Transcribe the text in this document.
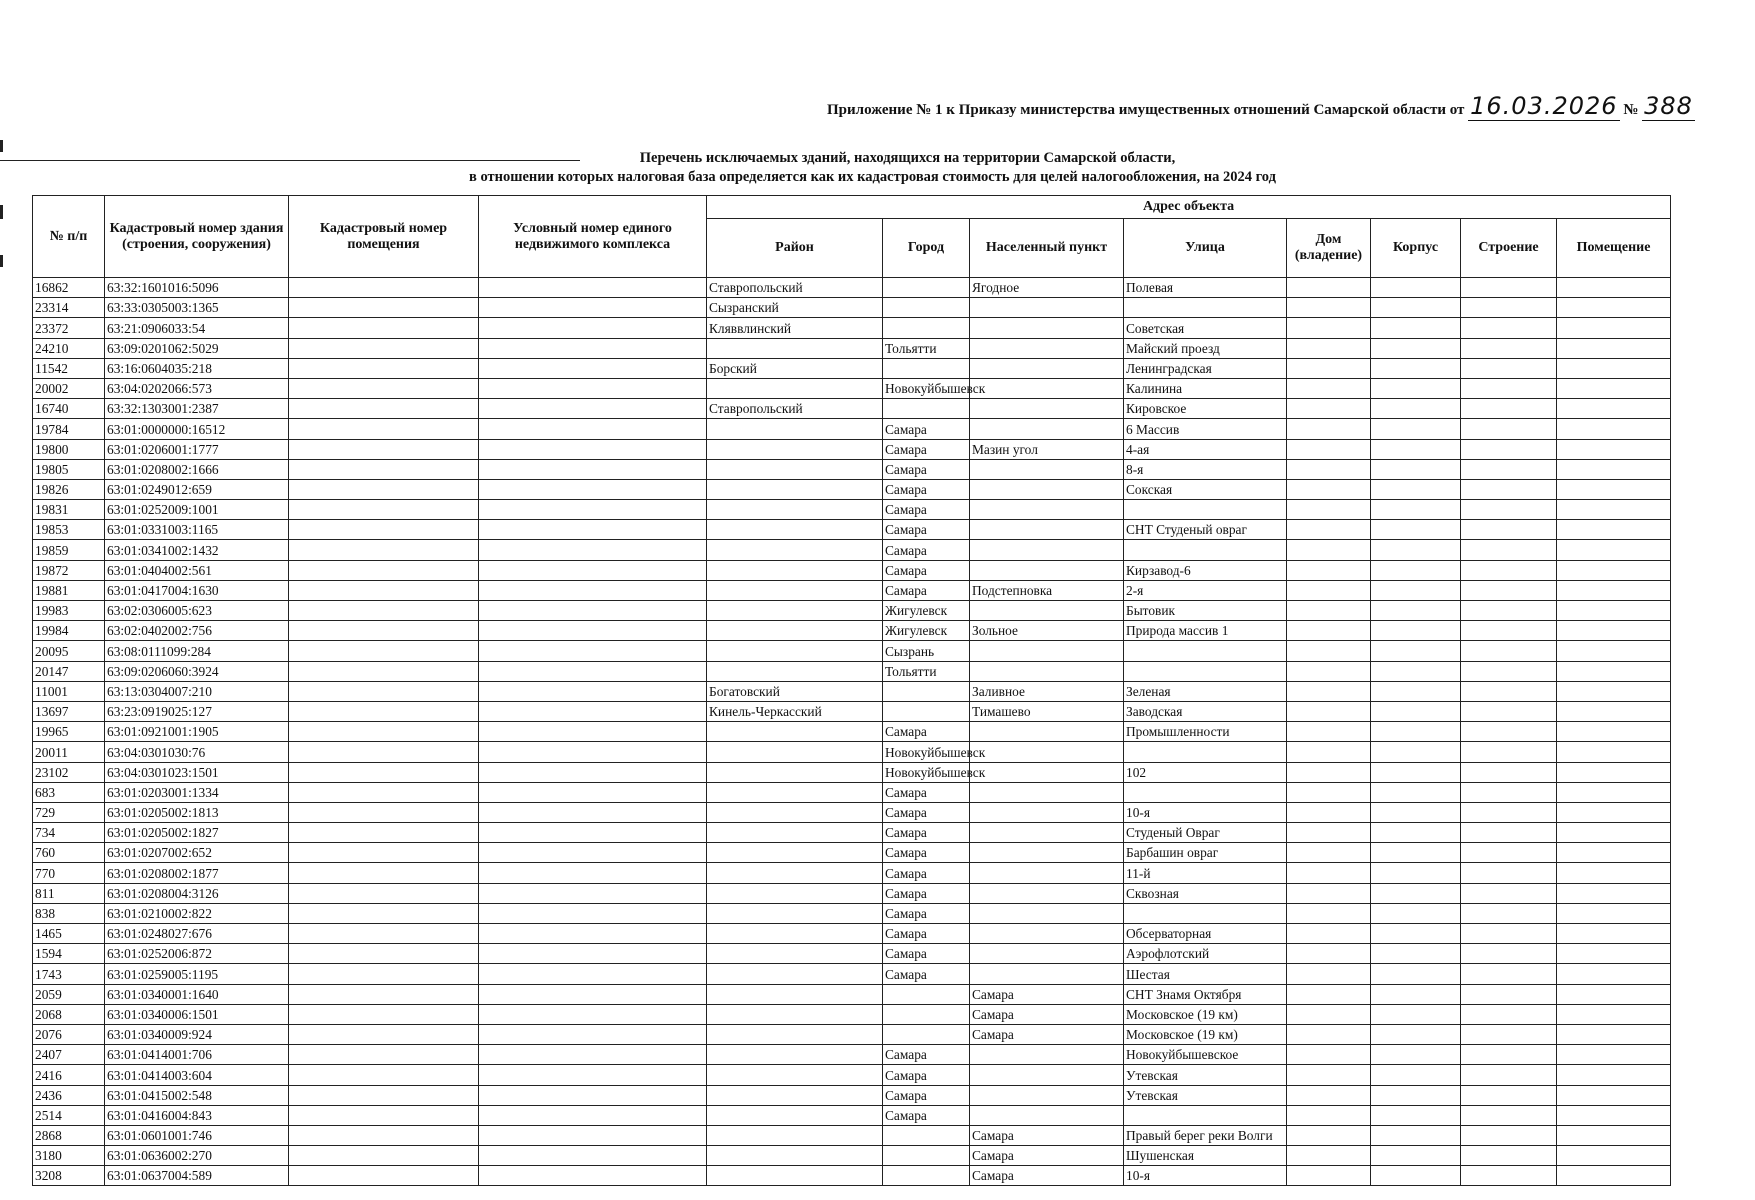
Приложение № 1 к Приказу министерства имущественных отношений Самарской области от 16.03.2026 № 388
Перечень исключаемых зданий, находящихся на территории Самарской области,
в отношении которых налоговая база определяется как их кадастровая стоимость для целей налогообложения, на 2024 год
№ п/п	Кадастровый номер здания (строения, сооружения)	Кадастровый номер помещения	Условный номер единого недвижимого комплекса	Адрес объекта							
				Район	Город	Населенный пункт	Улица	Дом (владение)	Корпус	Строение	Помещение
16862	63:32:1601016:5096			Ставропольский		Ягодное	Полевая				
23314	63:33:0305003:1365			Сызранский							
23372	63:21:0906033:54			Кляввлинский			Советская				
24210	63:09:0201062:5029				Тольятти		Майский проезд				
11542	63:16:0604035:218			Борский			Ленинградская				
20002	63:04:0202066:573				Новокуйбышевск		Калинина				
16740	63:32:1303001:2387			Ставропольский			Кировское				
19784	63:01:0000000:16512				Самара		6 Массив				
19800	63:01:0206001:1777				Самара	Мазин угол	4-ая				
19805	63:01:0208002:1666				Самара		8-я				
19826	63:01:0249012:659				Самара		Сокская				
19831	63:01:0252009:1001				Самара						
19853	63:01:0331003:1165				Самара		СНТ Студеный овраг				
19859	63:01:0341002:1432				Самара						
19872	63:01:0404002:561				Самара		Кирзавод-6				
19881	63:01:0417004:1630				Самара	Подстепновка	2-я				
19983	63:02:0306005:623				Жигулевск		Бытовик				
19984	63:02:0402002:756				Жигулевск	Зольное	Природа массив 1				
20095	63:08:0111099:284				Сызрань						
20147	63:09:0206060:3924				Тольятти						
11001	63:13:0304007:210			Богатовский		Заливное	Зеленая				
13697	63:23:0919025:127			Кинель-Черкасский		Тимашево	Заводская				
19965	63:01:0921001:1905				Самара		Промышленности				
20011	63:04:0301030:76				Новокуйбышевск						
23102	63:04:0301023:1501				Новокуйбышевск		102				
683	63:01:0203001:1334				Самара						
729	63:01:0205002:1813				Самара		10-я				
734	63:01:0205002:1827				Самара		Студеный Овраг				
760	63:01:0207002:652				Самара		Барбашин овраг				
770	63:01:0208002:1877				Самара		11-й				
811	63:01:0208004:3126				Самара		Сквозная				
838	63:01:0210002:822				Самара						
1465	63:01:0248027:676				Самара		Обсерваторная				
1594	63:01:0252006:872				Самара		Аэрофлотский				
1743	63:01:0259005:1195				Самара		Шестая				
2059	63:01:0340001:1640					Самара	СНТ Знамя Октября				
2068	63:01:0340006:1501					Самара	Московское (19 км)				
2076	63:01:0340009:924					Самара	Московское (19 км)				
2407	63:01:0414001:706				Самара		Новокуйбышевское				
2416	63:01:0414003:604				Самара		Утевская				
2436	63:01:0415002:548				Самара		Утевская				
2514	63:01:0416004:843				Самара						
2868	63:01:0601001:746					Самара	Правый берег реки Волги				
3180	63:01:0636002:270					Самара	Шушенская				
3208	63:01:0637004:589					Самара	10-я				
